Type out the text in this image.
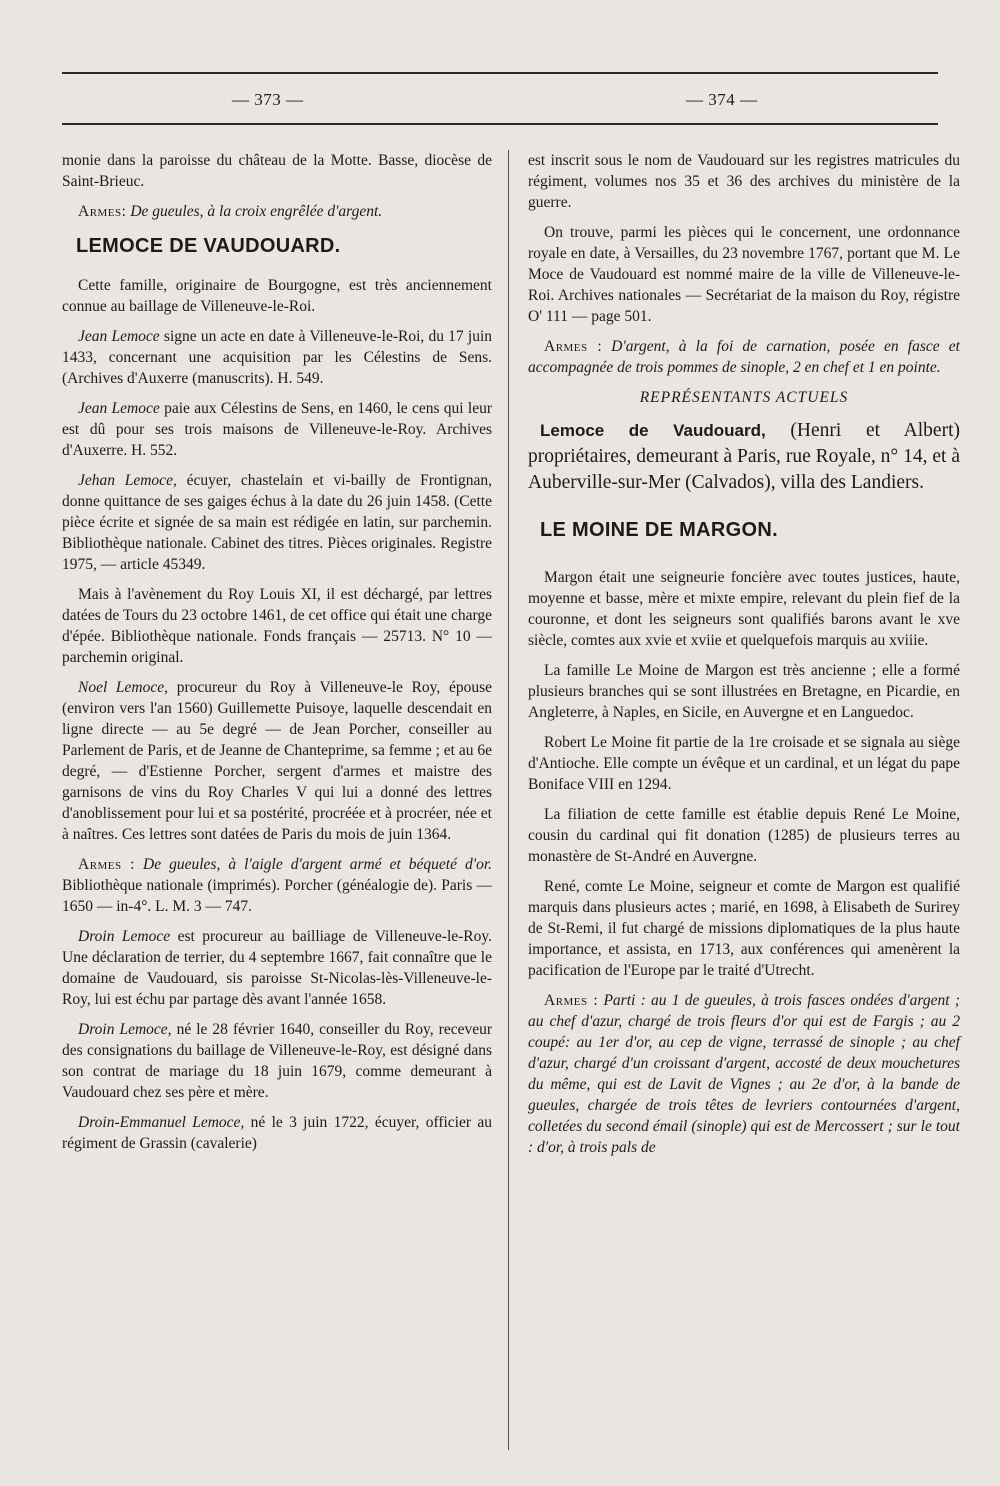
— 373 —	— 374 —

monie dans la paroisse du château de la Motte. Basse, diocèse de Saint-Brieuc.

Armes: De gueules, à la croix engrêlée d'argent.

LEMOCE DE VAUDOUARD.

Cette famille, originaire de Bourgogne, est très anciennement connue au baillage de Villeneuve-le-Roi.

Jean Lemoce signe un acte en date à Villeneuve-le-Roi, du 17 juin 1433, concernant une acquisition par les Célestins de Sens. (Archives d'Auxerre (manuscrits). H. 549.

Jean Lemoce paie aux Célestins de Sens, en 1460, le cens qui leur est dû pour ses trois maisons de Villeneuve-le-Roy. Archives d'Auxerre. H. 552.

Jehan Lemoce, écuyer, chastelain et vi-bailly de Frontignan, donne quittance de ses gaiges échus à la date du 26 juin 1458. (Cette pièce écrite et signée de sa main est rédigée en latin, sur parchemin. Bibliothèque nationale. Cabinet des titres. Pièces originales. Registre 1975, — article 45349.

Mais à l'avènement du Roy Louis XI, il est déchargé, par lettres datées de Tours du 23 octobre 1461, de cet office qui était une charge d'épée. Bibliothèque nationale. Fonds français — 25713. N° 10 — parchemin original.

Noel Lemoce, procureur du Roy à Villeneuve-le Roy, épouse (environ vers l'an 1560) Guillemette Puisoye, laquelle descendait en ligne directe — au 5e degré — de Jean Porcher, conseiller au Parlement de Paris, et de Jeanne de Chanteprime, sa femme ; et au 6e degré, — d'Estienne Porcher, sergent d'armes et maistre des garnisons de vins du Roy Charles V qui lui a donné des lettres d'anoblissement pour lui et sa postérité, procréée et à procréer, née et à naîtres. Ces lettres sont datées de Paris du mois de juin 1364.

Armes : De gueules, à l'aigle d'argent armé et béqueté d'or. Bibliothèque nationale (imprimés). Porcher (généalogie de). Paris — 1650 — in-4°. L. M. 3 — 747.

Droin Lemoce est procureur au bailliage de Villeneuve-le-Roy. Une déclaration de terrier, du 4 septembre 1667, fait connaître que le domaine de Vaudouard, sis paroisse St-Nicolas-lès-Villeneuve-le-Roy, lui est échu par partage dès avant l'année 1658.

Droin Lemoce, né le 28 février 1640, conseiller du Roy, receveur des consignations du baillage de Villeneuve-le-Roy, est désigné dans son contrat de mariage du 18 juin 1679, comme demeurant à Vaudouard chez ses père et mère.

Droin-Emmanuel Lemoce, né le 3 juin 1722, écuyer, officier au régiment de Grassin (cavalerie)

est inscrit sous le nom de Vaudouard sur les registres matricules du régiment, volumes nos 35 et 36 des archives du ministère de la guerre.

On trouve, parmi les pièces qui le concernent, une ordonnance royale en date, à Versailles, du 23 novembre 1767, portant que M. Le Moce de Vaudouard est nommé maire de la ville de Villeneuve-le-Roi. Archives nationales — Secrétariat de la maison du Roy, régistre O' 111 — page 501.

Armes : D'argent, à la foi de carnation, posée en fasce et accompagnée de trois pommes de sinople, 2 en chef et 1 en pointe.

REPRÉSENTANTS ACTUELS

Lemoce de Vaudouard, (Henri et Albert) propriétaires, demeurant à Paris, rue Royale, n° 14, et à Auberville-sur-Mer (Calvados), villa des Landiers.

LE MOINE DE MARGON.

Margon était une seigneurie foncière avec toutes justices, haute, moyenne et basse, mère et mixte empire, relevant du plein fief de la couronne, et dont les seigneurs sont qualifiés barons avant le xve siècle, comtes aux xvie et xviie et quelquefois marquis au xviiie.

La famille Le Moine de Margon est très ancienne ; elle a formé plusieurs branches qui se sont illustrées en Bretagne, en Picardie, en Angleterre, à Naples, en Sicile, en Auvergne et en Languedoc.

Robert Le Moine fit partie de la 1re croisade et se signala au siège d'Antioche. Elle compte un évêque et un cardinal, et un légat du pape Boniface VIII en 1294.

La filiation de cette famille est établie depuis René Le Moine, cousin du cardinal qui fit donation (1285) de plusieurs terres au monastère de St-André en Auvergne.

René, comte Le Moine, seigneur et comte de Margon est qualifié marquis dans plusieurs actes ; marié, en 1698, à Elisabeth de Surirey de St-Remi, il fut chargé de missions diplomatiques de la plus haute importance, et assista, en 1713, aux conférences qui amenèrent la pacification de l'Europe par le traité d'Utrecht.

Armes : Parti : au 1 de gueules, à trois fasces ondées d'argent ; au chef d'azur, chargé de trois fleurs d'or qui est de Fargis ; au 2 coupé: au 1er d'or, au cep de vigne, terrassé de sinople ; au chef d'azur, chargé d'un croissant d'argent, accosté de deux mouchetures du même, qui est de Lavit de Vignes ; au 2e d'or, à la bande de gueules, chargée de trois têtes de levriers contournées d'argent, colletées du second émail (sinople) qui est de Mercossert ; sur le tout : d'or, à trois pals de
